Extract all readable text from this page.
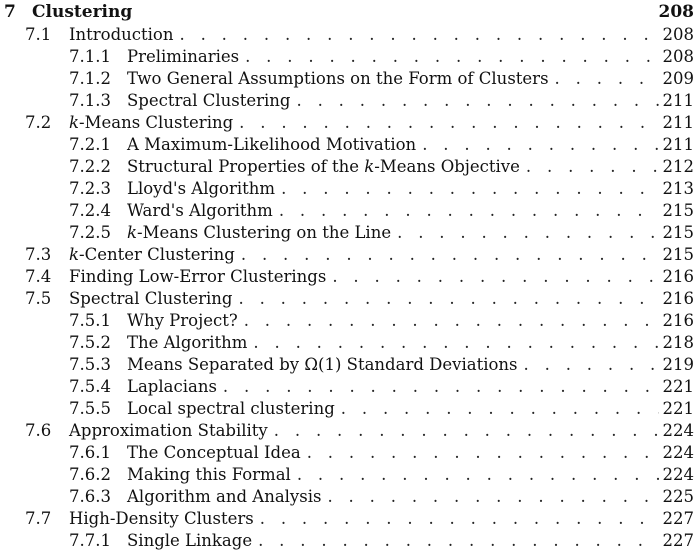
7 Clustering	208
7.1	Introduction . . .	208
7.1.1 Preliminaries . . .	208
7.1.2 Two General Assumptions on the Form of Clusters . . .	209
7.1.3 Spectral Clustering . . .	211
7.2	k-Means Clustering . . .	211
7.2.1 A Maximum-Likelihood Motivation . . .	211
7.2.2 Structural Properties of the k-Means Objective . . .	212
7.2.3 Lloyd's Algorithm . . .	213
7.2.4 Ward's Algorithm . . .	215
7.2.5 k-Means Clustering on the Line . . .	215
7.3	k-Center Clustering . . .	215
7.4	Finding Low-Error Clusterings . . .	216
7.5	Spectral Clustering . . .	216
7.5.1 Why Project? . . .	216
7.5.2 The Algorithm . . .	218
7.5.3 Means Separated by Ω(1) Standard Deviations . . .	219
7.5.4 Laplacians . . .	221
7.5.5 Local spectral clustering . . .	221
7.6	Approximation Stability . . .	224
7.6.1 The Conceptual Idea . . .	224
7.6.2 Making this Formal . . .	224
7.6.3 Algorithm and Analysis . . .	225
7.7	High-Density Clusters . . .	227
7.7.1 Single Linkage . . .	227
